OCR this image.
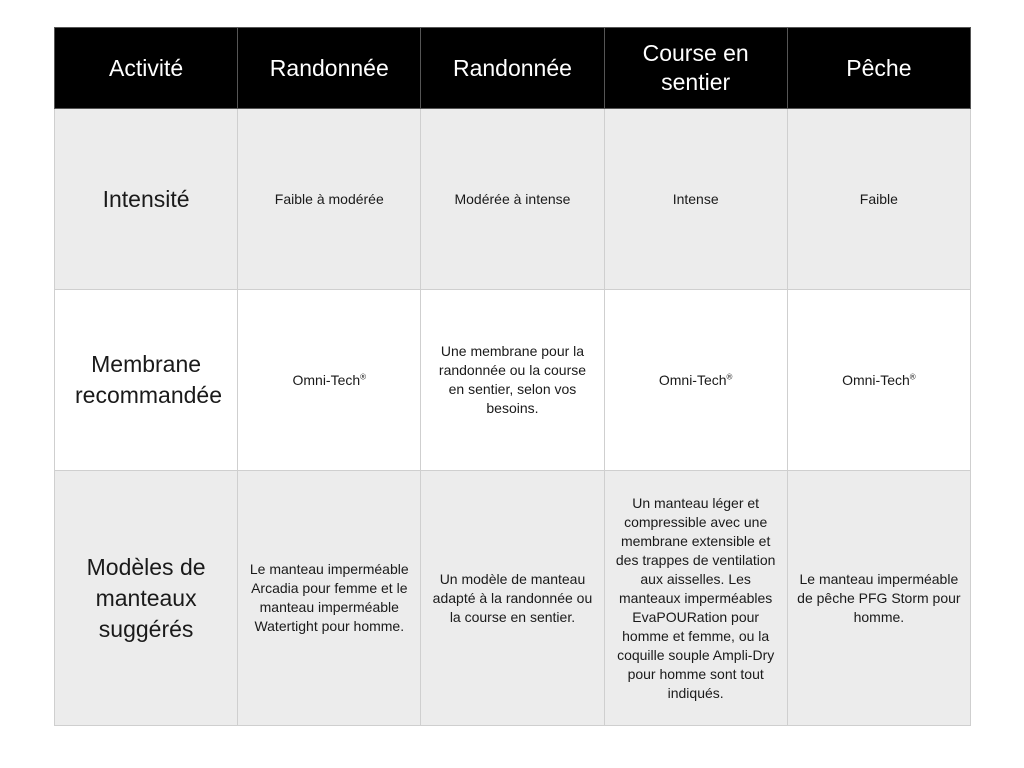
Activité	Randonnée	Randonnée	Course en sentier	Pêche
Intensité	Faible à modérée	Modérée à intense	Intense	Faible
Membrane recommandée	Omni-Tech®	Une membrane pour la randonnée ou la course en sentier, selon vos besoins.	Omni-Tech®	Omni-Tech®
Modèles de manteaux suggérés	Le manteau imperméable Arcadia pour femme et le manteau imperméable Watertight pour homme.	Un modèle de manteau adapté à la randonnée ou la course en sentier.	Un manteau léger et compressible avec une membrane extensible et des trappes de ventilation aux aisselles. Les manteaux imperméables EvaPOURation pour homme et femme, ou la coquille souple Ampli-Dry pour homme sont tout indiqués.	Le manteau imperméable de pêche PFG Storm pour homme.
